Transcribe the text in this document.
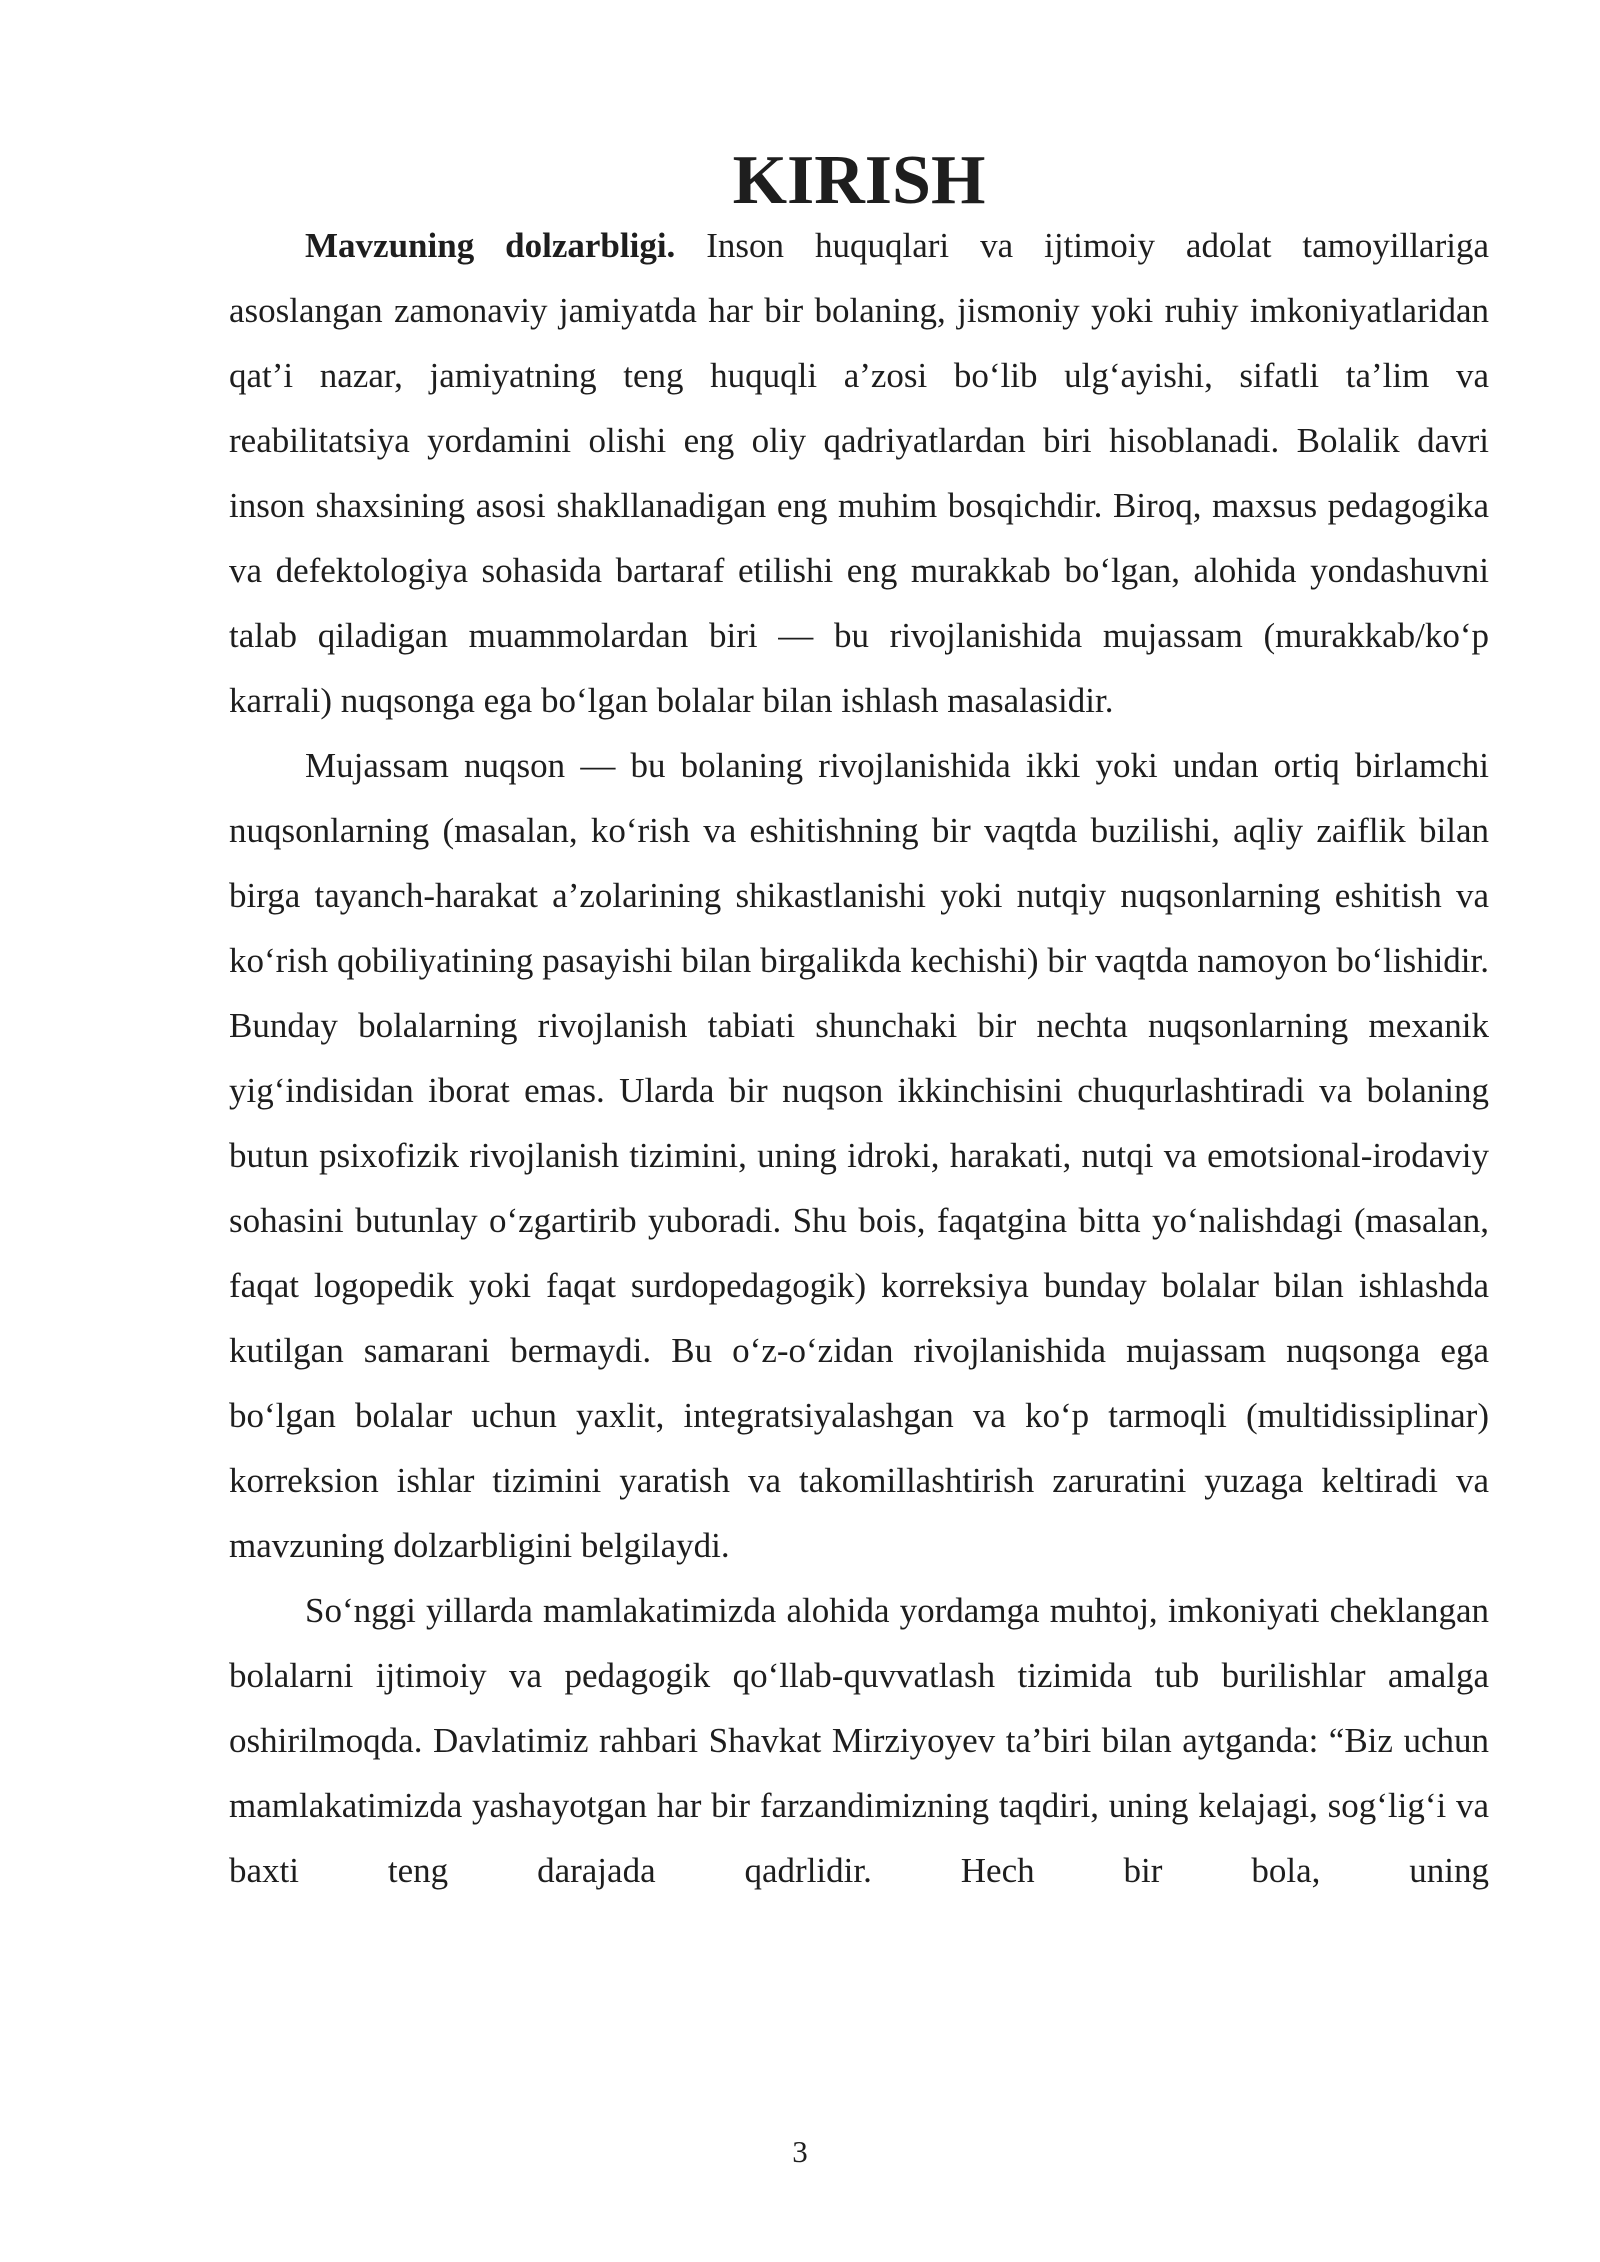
KIRISH

Mavzuning dolzarbligi. Inson huquqlari va ijtimoiy adolat tamoyillariga asoslangan zamonaviy jamiyatda har bir bolaning, jismoniy yoki ruhiy imkoniyatlaridan qat’i nazar, jamiyatning teng huquqli a’zosi bo‘lib ulg‘ayishi, sifatli ta’lim va reabilitatsiya yordamini olishi eng oliy qadriyatlardan biri hisoblanadi. Bolalik davri inson shaxsining asosi shakllanadigan eng muhim bosqichdir. Biroq, maxsus pedagogika va defektologiya sohasida bartaraf etilishi eng murakkab bo‘lgan, alohida yondashuvni talab qiladigan muammolardan biri — bu rivojlanishida mujassam (murakkab/ko‘p karrali) nuqsonga ega bo‘lgan bolalar bilan ishlash masalasidir.

Mujassam nuqson — bu bolaning rivojlanishida ikki yoki undan ortiq birlamchi nuqsonlarning (masalan, ko‘rish va eshitishning bir vaqtda buzilishi, aqliy zaiflik bilan birga tayanch-harakat a’zolarining shikastlanishi yoki nutqiy nuqsonlarning eshitish va ko‘rish qobiliyatining pasayishi bilan birgalikda kechishi) bir vaqtda namoyon bo‘lishidir. Bunday bolalarning rivojlanish tabiati shunchaki bir nechta nuqsonlarning mexanik yig‘indisidan iborat emas. Ularda bir nuqson ikkinchisini chuqurlashtiradi va bolaning butun psixofizik rivojlanish tizimini, uning idroki, harakati, nutqi va emotsional-irodaviy sohasini butunlay o‘zgartirib yuboradi. Shu bois, faqatgina bitta yo‘nalishdagi (masalan, faqat logopedik yoki faqat surdopedagogik) korreksiya bunday bolalar bilan ishlashda kutilgan samarani bermaydi. Bu o‘z-o‘zidan rivojlanishida mujassam nuqsonga ega bo‘lgan bolalar uchun yaxlit, integratsiyalashgan va ko‘p tarmoqli (multidissiplinar) korreksion ishlar tizimini yaratish va takomillashtirish zaruratini yuzaga keltiradi va mavzuning dolzarbligini belgilaydi.

So‘nggi yillarda mamlakatimizda alohida yordamga muhtoj, imkoniyati cheklangan bolalarni ijtimoiy va pedagogik qo‘llab-quvvatlash tizimida tub burilishlar amalga oshirilmoqda. Davlatimiz rahbari Shavkat Mirziyoyev ta’biri bilan aytganda: “Biz uchun mamlakatimizda yashayotgan har bir farzandimizning taqdiri, uning kelajagi, sog‘lig‘i va baxti teng darajada qadrlidir. Hech bir bola, uning

3
